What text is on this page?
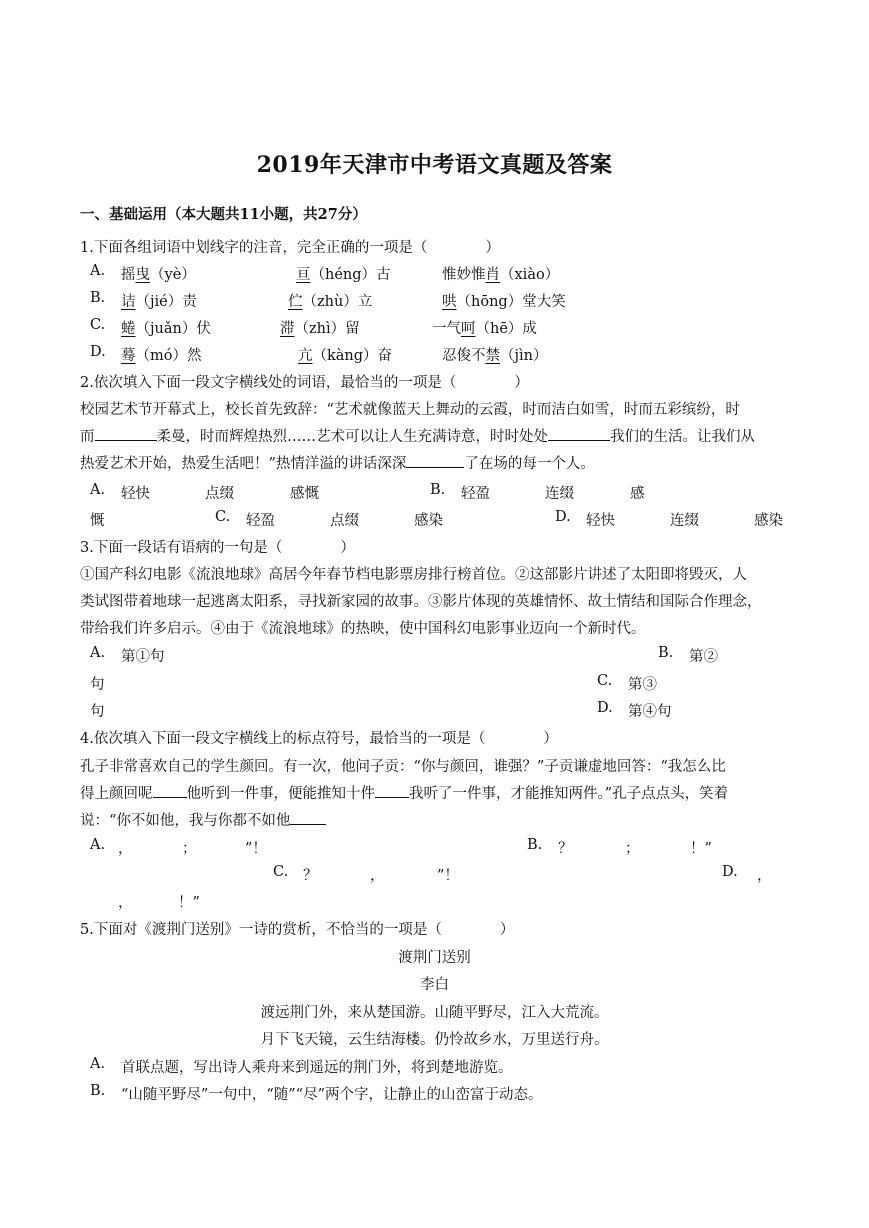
2019年天津市中考语文真题及答案
一、基础运用（本大题共11小题，共27分）
1.下面各组词语中划线字的注音，完全正确的一项是（　　　　）
A. 摇曳（yè）	亘（héng）古	惟妙惟肖（xiào）
B. 诘（jié）责	伫（zhù）立	哄（hōng）堂大笑
C. 蜷（juǎn）伏	滞（zhì）留	一气呵（hē）成
D. 蓦（mó）然	亢（kàng）奋	忍俊不禁（jìn）
2.依次填入下面一段文字横线处的词语，最恰当的一项是（　　　　）
校园艺术节开幕式上，校长首先致辞：“艺术就像蓝天上舞动的云霞，时而洁白如雪，时而五彩缤纷，时
而	柔曼，时而辉煌热烈……艺术可以让人生充满诗意，时时处处	我们的生活。让我们从
热爱艺术开始，热爱生活吧！”热情洋溢的讲话深深	了在场的每一个人。
A. 轻快	点缀	感慨	B. 轻盈	连缀	感
慨	C. 轻盈	点缀	感染	D. 轻快	连缀	感染
3.下面一段话有语病的一句是（　　　　）
①国产科幻电影《流浪地球》高居今年春节档电影票房排行榜首位。②这部影片讲述了太阳即将毁灭，人
类试图带着地球一起逃离太阳系，寻找新家园的故事。③影片体现的英雄情怀、故土情结和国际合作理念，
带给我们许多启示。④由于《流浪地球》的热映，使中国科幻电影事业迈向一个新时代。
A. 第①句	B. 第②
句	C. 第③
句	D. 第④句
4.依次填入下面一段文字横线上的标点符号，最恰当的一项是（　　　　）
孔子非常喜欢自己的学生颜回。有一次，他问子贡：“你与颜回，谁强？”子贡谦虚地回答：“我怎么比
得上颜回呢 他听到一件事，便能推知十件 我听了一件事，才能推知两件。”孔子点点头，笑着
说：“你不如他，我与你都不如他
A. ，	；	”！	B. ？	；	！”
C. ？	，	”！	D. ，
，	！”
5.下面对《渡荆门送别》一诗的赏析，不恰当的一项是（　　　　）
渡荆门送别
李白
渡远荆门外，来从楚国游。山随平野尽，江入大荒流。
月下飞天镜，云生结海楼。仍怜故乡水，万里送行舟。
A. 首联点题，写出诗人乘舟来到遥远的荆门外，将到楚地游览。
B. “山随平野尽”一句中，“随”“尽”两个字，让静止的山峦富于动态。
